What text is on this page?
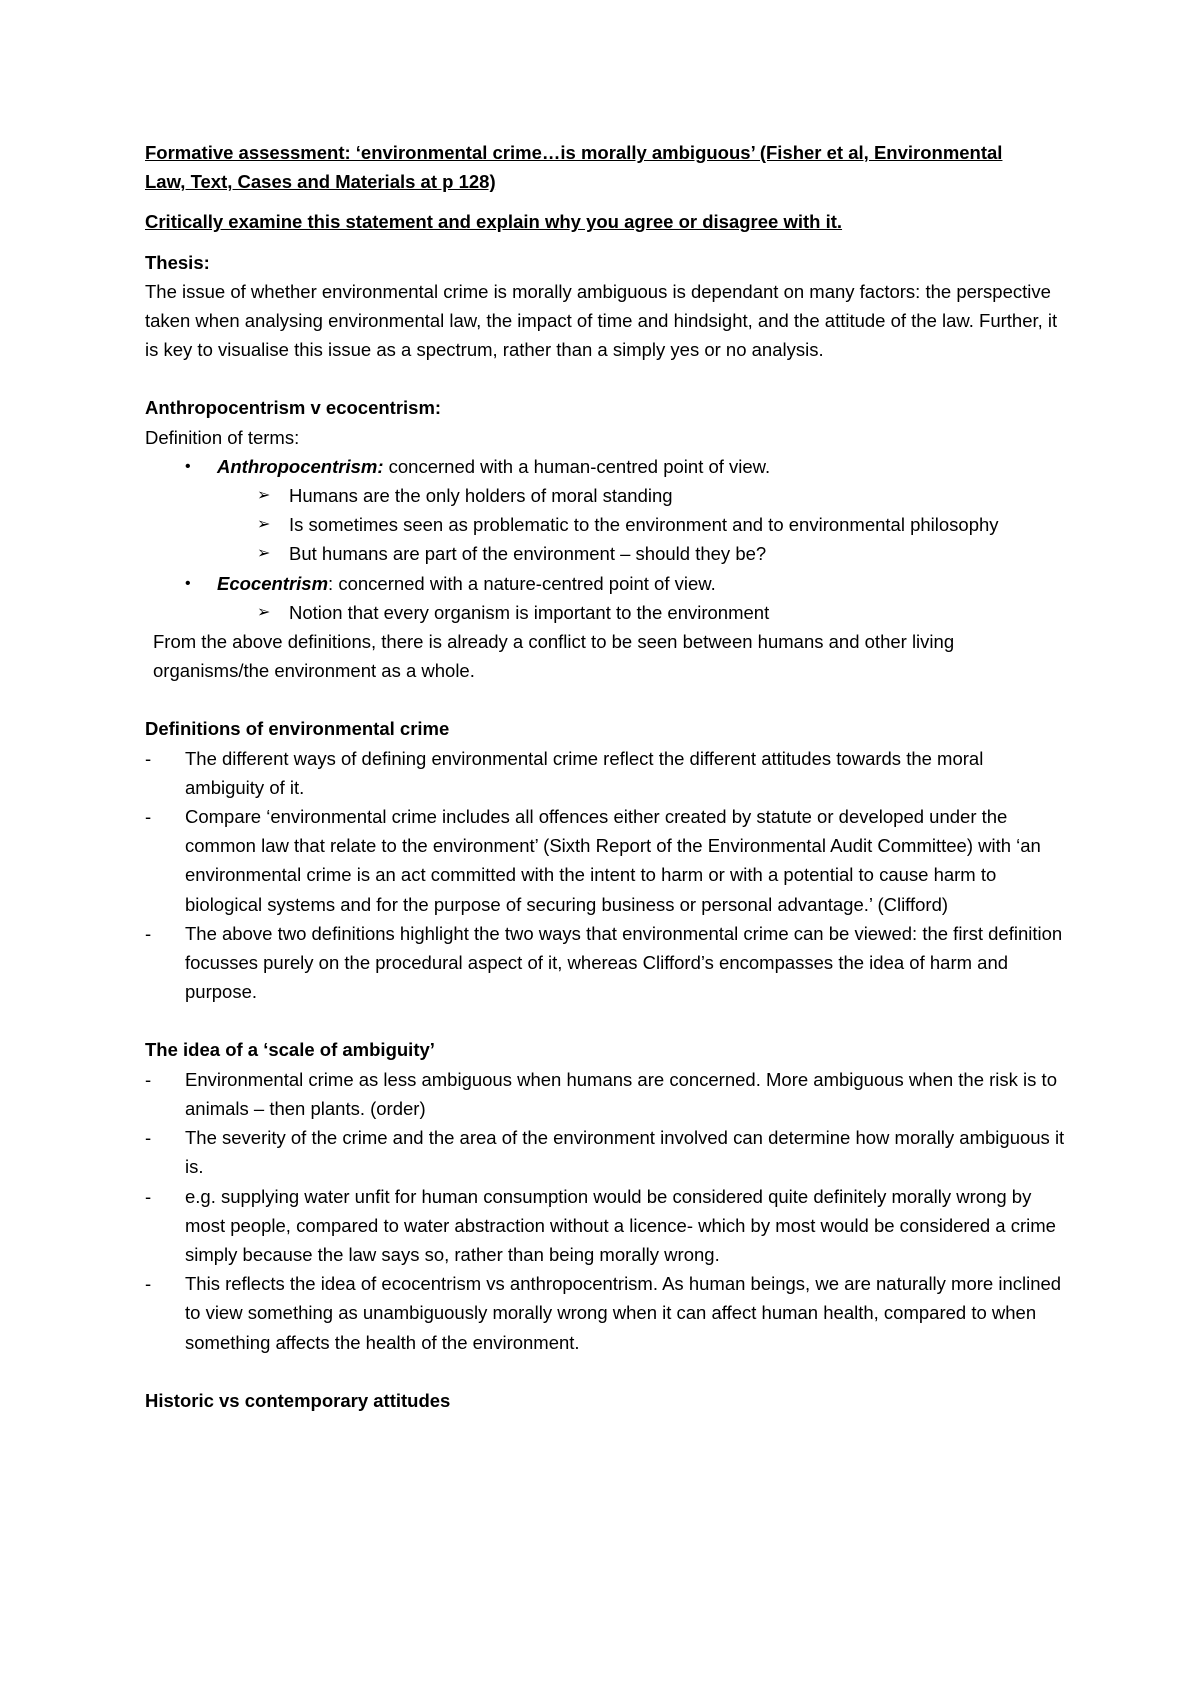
Formative assessment: ‘environmental crime…is morally ambiguous’ (Fisher et al, Environmental

Law, Text, Cases and Materials at p 128)

Critically examine this statement and explain why you agree or disagree with it.

Thesis:

The issue of whether environmental crime is morally ambiguous is dependant on many factors: the perspective taken when analysing environmental law, the impact of time and hindsight, and the attitude of the law. Further, it is key to visualise this issue as a spectrum, rather than a simply yes or no analysis.

Anthropocentrism v ecocentrism:

Definition of terms:

• Anthropocentrism: concerned with a human-centred point of view.
➢ Humans are the only holders of moral standing
➢ Is sometimes seen as problematic to the environment and to environmental philosophy
➢ But humans are part of the environment – should they be?
• Ecocentrism: concerned with a nature-centred point of view.
➢ Notion that every organism is important to the environment

From the above definitions, there is already a conflict to be seen between humans and other living organisms/the environment as a whole.

Definitions of environmental crime

- The different ways of defining environmental crime reflect the different attitudes towards the moral ambiguity of it.
- Compare ‘environmental crime includes all offences either created by statute or developed under the common law that relate to the environment’ (Sixth Report of the Environmental Audit Committee) with ‘an environmental crime is an act committed with the intent to harm or with a potential to cause harm to biological systems and for the purpose of securing business or personal advantage.’ (Clifford)
- The above two definitions highlight the two ways that environmental crime can be viewed: the first definition focusses purely on the procedural aspect of it, whereas Clifford’s encompasses the idea of harm and purpose.

The idea of a ‘scale of ambiguity’

- Environmental crime as less ambiguous when humans are concerned. More ambiguous when the risk is to animals – then plants. (order)
- The severity of the crime and the area of the environment involved can determine how morally ambiguous it is.
- e.g. supplying water unfit for human consumption would be considered quite definitely morally wrong by most people, compared to water abstraction without a licence- which by most would be considered a crime simply because the law says so, rather than being morally wrong.
- This reflects the idea of ecocentrism vs anthropocentrism. As human beings, we are naturally more inclined to view something as unambiguously morally wrong when it can affect human health, compared to when something affects the health of the environment.

Historic vs contemporary attitudes
